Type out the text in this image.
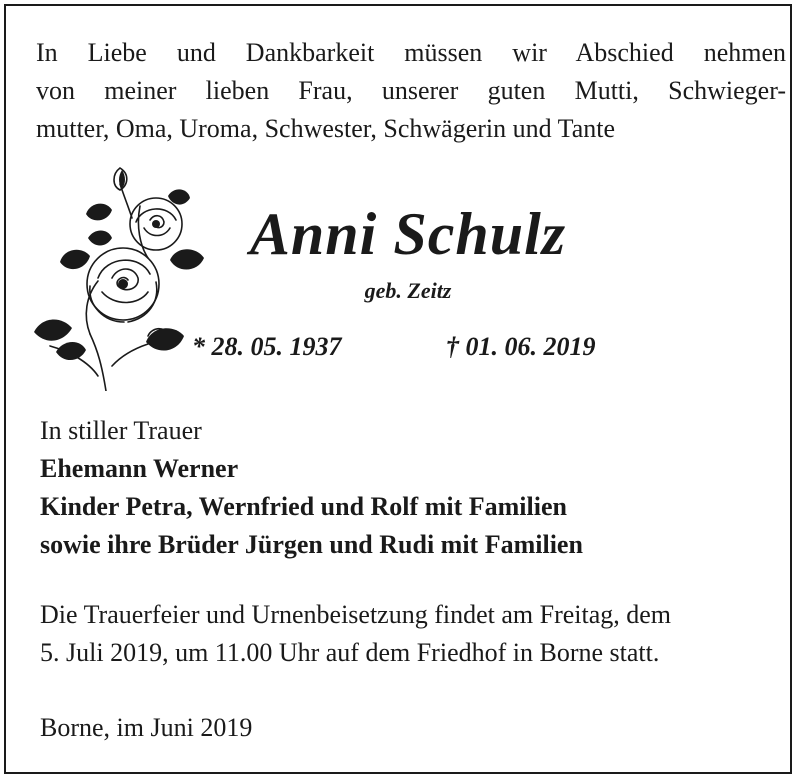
In Liebe und Dankbarkeit müssen wir Abschied nehmen
von meiner lieben Frau, unserer guten Mutti, Schwieger-
mutter, Oma, Uroma, Schwester, Schwägerin und Tante
Anni Schulz
geb. Zeitz
* 28. 05. 1937	† 01. 06. 2019
In stiller Trauer
Ehemann Werner
Kinder Petra, Wernfried und Rolf mit Familien
sowie ihre Brüder Jürgen und Rudi mit Familien
Die Trauerfeier und Urnenbeisetzung findet am Freitag, dem
5. Juli 2019, um 11.00 Uhr auf dem Friedhof in Borne statt.
Borne, im Juni 2019
